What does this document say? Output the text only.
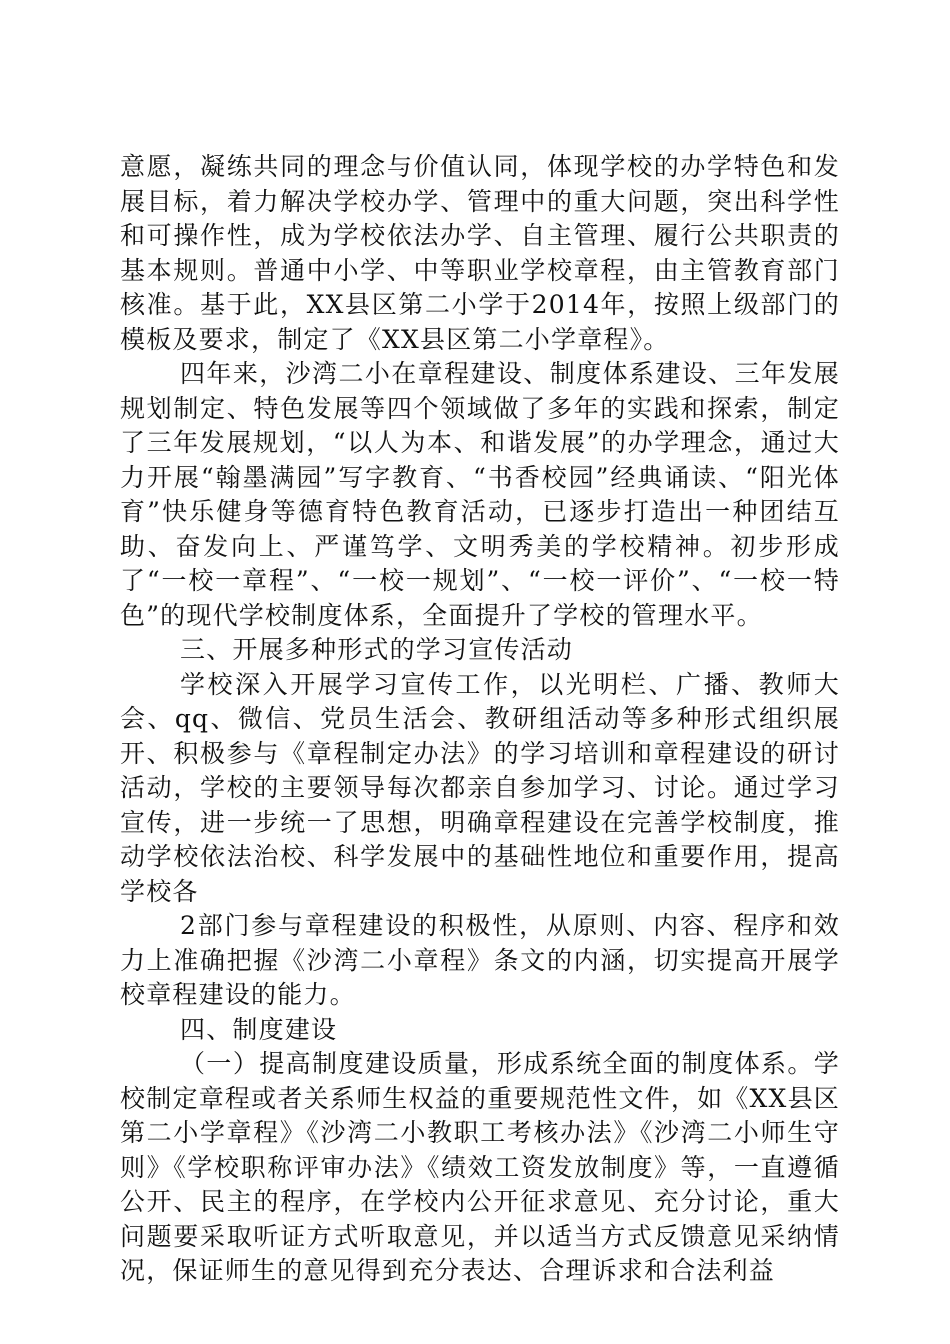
意愿，凝练共同的理念与价值认同，体现学校的办学特色和发展目标，着力解决学校办学、管理中的重大问题，突出科学性和可操作性，成为学校依法办学、自主管理、履行公共职责的基本规则。普通中小学、中等职业学校章程，由主管教育部门核准。基于此，XX县区第二小学于2014年，按照上级部门的模板及要求，制定了《XX县区第二小学章程》。

四年来，沙湾二小在章程建设、制度体系建设、三年发展规划制定、特色发展等四个领域做了多年的实践和探索，制定了三年发展规划，“以人为本、和谐发展”的办学理念，通过大力开展“翰墨满园”写字教育、“书香校园”经典诵读、“阳光体育”快乐健身等德育特色教育活动，已逐步打造出一种团结互助、奋发向上、严谨笃学、文明秀美的学校精神。初步形成了“一校一章程”、“一校一规划”、“一校一评价”、“一校一特色”的现代学校制度体系，全面提升了学校的管理水平。

三、开展多种形式的学习宣传活动

学校深入开展学习宣传工作，以光明栏、广播、教师大会、qq、微信、党员生活会、教研组活动等多种形式组织展开、积极参与《章程制定办法》的学习培训和章程建设的研讨活动，学校的主要领导每次都亲自参加学习、讨论。通过学习宣传，进一步统一了思想，明确章程建设在完善学校制度，推动学校依法治校、科学发展中的基础性地位和重要作用，提高学校各

2部门参与章程建设的积极性，从原则、内容、程序和效力上准确把握《沙湾二小章程》条文的内涵，切实提高开展学校章程建设的能力。

四、制度建设

（一）提高制度建设质量，形成系统全面的制度体系。学校制定章程或者关系师生权益的重要规范性文件，如《XX县区第二小学章程》《沙湾二小教职工考核办法》《沙湾二小师生守则》《学校职称评审办法》《绩效工资发放制度》等，一直遵循公开、民主的程序，在学校内公开征求意见、充分讨论，重大问题要采取听证方式听取意见，并以适当方式反馈意见采纳情况，保证师生的意见得到充分表达、合理诉求和合法利益
